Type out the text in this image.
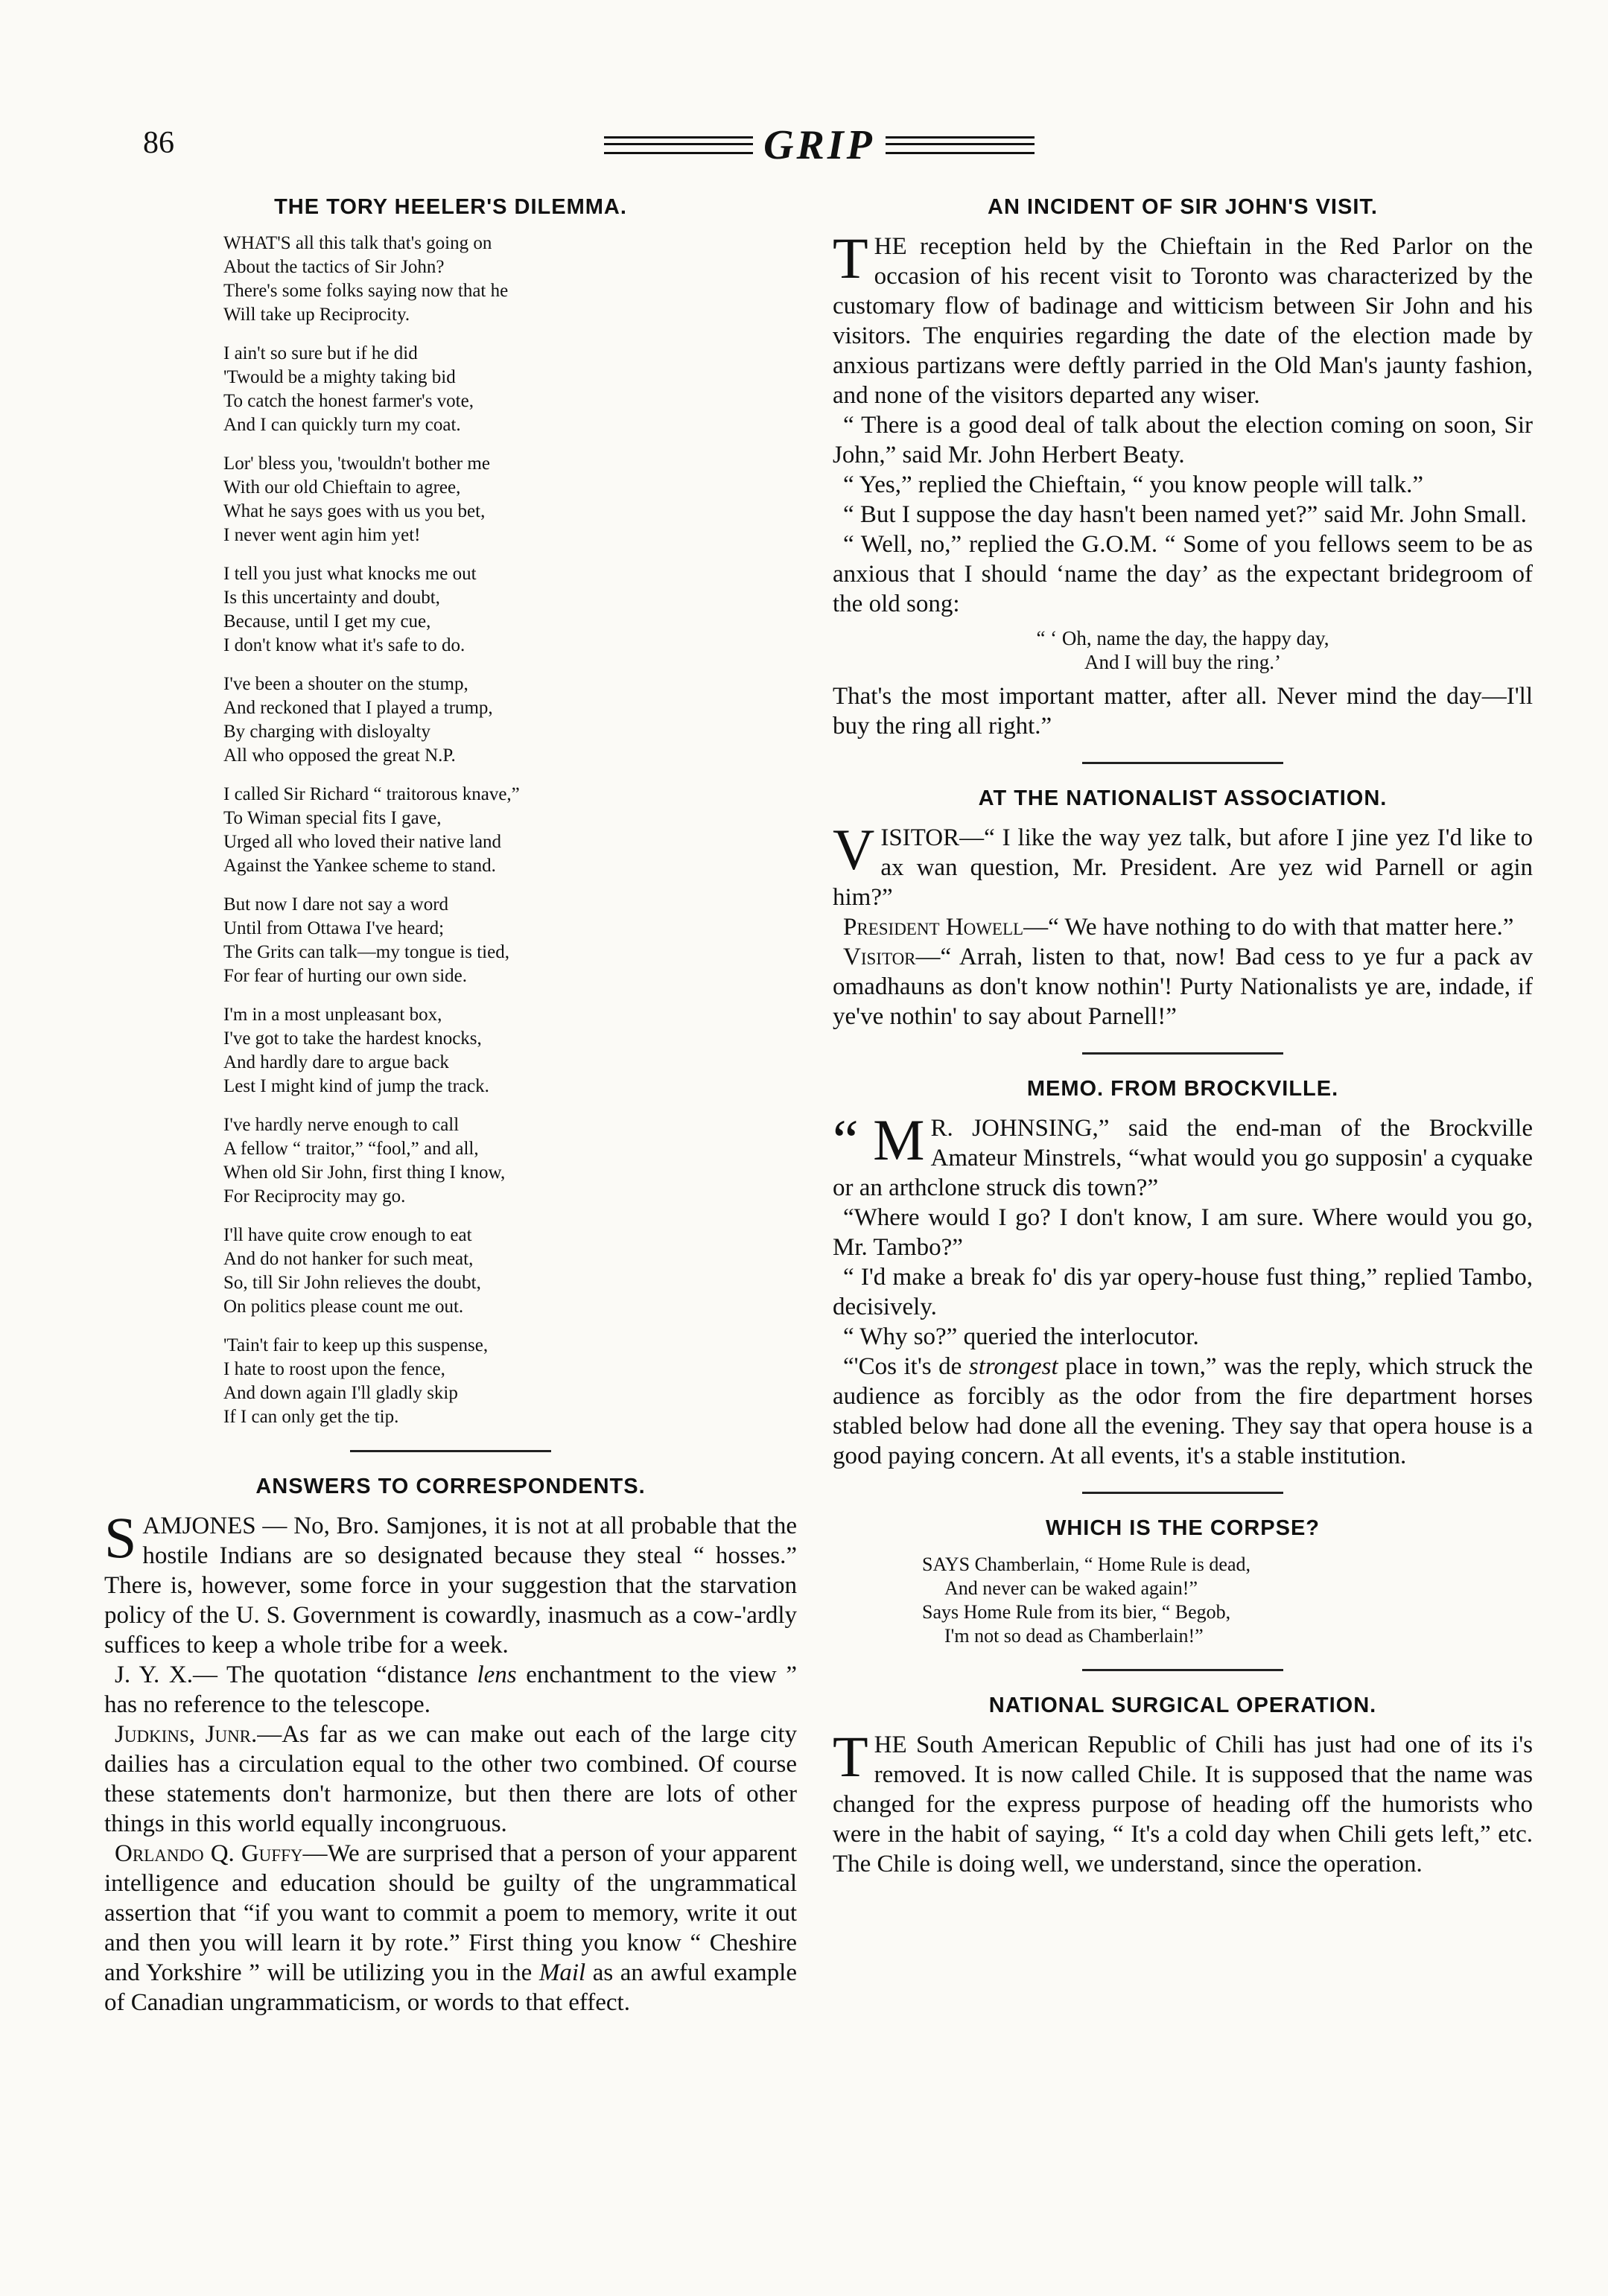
86	GRIP
THE TORY HEELER'S DILEMMA.
WHAT'S all this talk that's going on
About the tactics of Sir John?
There's some folks saying now that he
Will take up Reciprocity.
I ain't so sure but if he did
'Twould be a mighty taking bid
To catch the honest farmer's vote,
And I can quickly turn my coat.
Lor' bless you, 'twouldn't bother me
With our old Chieftain to agree,
What he says goes with us you bet,
I never went agin him yet!
I tell you just what knocks me out
Is this uncertainty and doubt,
Because, until I get my cue,
I don't know what it's safe to do.
I've been a shouter on the stump,
And reckoned that I played a trump,
By charging with disloyalty
All who opposed the great N.P.
I called Sir Richard “ traitorous knave,”
To Wiman special fits I gave,
Urged all who loved their native land
Against the Yankee scheme to stand.
But now I dare not say a word
Until from Ottawa I've heard;
The Grits can talk—my tongue is tied,
For fear of hurting our own side.
I'm in a most unpleasant box,
I've got to take the hardest knocks,
And hardly dare to argue back
Lest I might kind of jump the track.
I've hardly nerve enough to call
A fellow “ traitor,” “fool,” and all,
When old Sir John, first thing I know,
For Reciprocity may go.
I'll have quite crow enough to eat
And do not hanker for such meat,
So, till Sir John relieves the doubt,
On politics please count me out.
'Tain't fair to keep up this suspense,
I hate to roost upon the fence,
And down again I'll gladly skip
If I can only get the tip.
ANSWERS TO CORRESPONDENTS.

SAMJONES — No, Bro. Samjones, it is not at all probable that the hostile Indians are so designated because they steal “ hosses.” There is, however, some force in your suggestion that the starvation policy of the U. S. Government is cowardly, inasmuch as a cow-'ardly suffices to keep a whole tribe for a week.

J. Y. X.— The quotation “distance lens enchantment to the view ” has no reference to the telescope.

Judkins, Junr.—As far as we can make out each of the large city dailies has a circulation equal to the other two combined. Of course these statements don't harmonize, but then there are lots of other things in this world equally incongruous.

Orlando Q. Guffy—We are surprised that a person of your apparent intelligence and education should be guilty of the ungrammatical assertion that “if you want to commit a poem to memory, write it out and then you will learn it by rote.” First thing you know “ Cheshire and Yorkshire ” will be utilizing you in the Mail as an awful example of Canadian ungrammaticism, or words to that effect.

AN INCIDENT OF SIR JOHN'S VISIT.

THE reception held by the Chieftain in the Red Parlor on the occasion of his recent visit to Toronto was characterized by the customary flow of badinage and witticism between Sir John and his visitors. The enquiries regarding the date of the election made by anxious partizans were deftly parried in the Old Man's jaunty fashion, and none of the visitors departed any wiser.

“ There is a good deal of talk about the election coming on soon, Sir John,” said Mr. John Herbert Beaty.

“ Yes,” replied the Chieftain, “ you know people will talk.”

“ But I suppose the day hasn't been named yet?” said Mr. John Small.

“ Well, no,” replied the G.O.M. “ Some of you fellows seem to be as anxious that I should ‘name the day’ as the expectant bridegroom of the old song:

“ ‘ Oh, name the day, the happy day,
And I will buy the ring.’

That's the most important matter, after all. Never mind the day—I'll buy the ring all right.”

AT THE NATIONALIST ASSOCIATION.

VISITOR—“ I like the way yez talk, but afore I jine yez I'd like to ax wan question, Mr. President. Are yez wid Parnell or agin him?”

President Howell—“ We have nothing to do with that matter here.”

Visitor—“ Arrah, listen to that, now! Bad cess to ye fur a pack av omadhauns as don't know nothin'! Purty Nationalists ye are, indade, if ye've nothin' to say about Parnell!”

MEMO. FROM BROCKVILLE.

“ M R. JOHNSING,” said the end-man of the Brockville Amateur Minstrels, “what would you go supposin' a cyquake or an arthclone struck dis town?”

“Where would I go? I don't know, I am sure. Where would you go, Mr. Tambo?”

“ I'd make a break fo' dis yar opery-house fust thing,” replied Tambo, decisively.

“ Why so?” queried the interlocutor.

“'Cos it's de strongest place in town,” was the reply, which struck the audience as forcibly as the odor from the fire department horses stabled below had done all the evening. They say that opera house is a good paying concern. At all events, it's a stable institution.

WHICH IS THE CORPSE?
SAYS Chamberlain, “ Home Rule is dead,
And never can be waked again!”
Says Home Rule from its bier, “ Begob,
I'm not so dead as Chamberlain!”
NATIONAL SURGICAL OPERATION.

THE South American Republic of Chili has just had one of its i's removed. It is now called Chile. It is supposed that the name was changed for the express purpose of heading off the humorists who were in the habit of saying, “ It's a cold day when Chili gets left,” etc. The Chile is doing well, we understand, since the operation.
